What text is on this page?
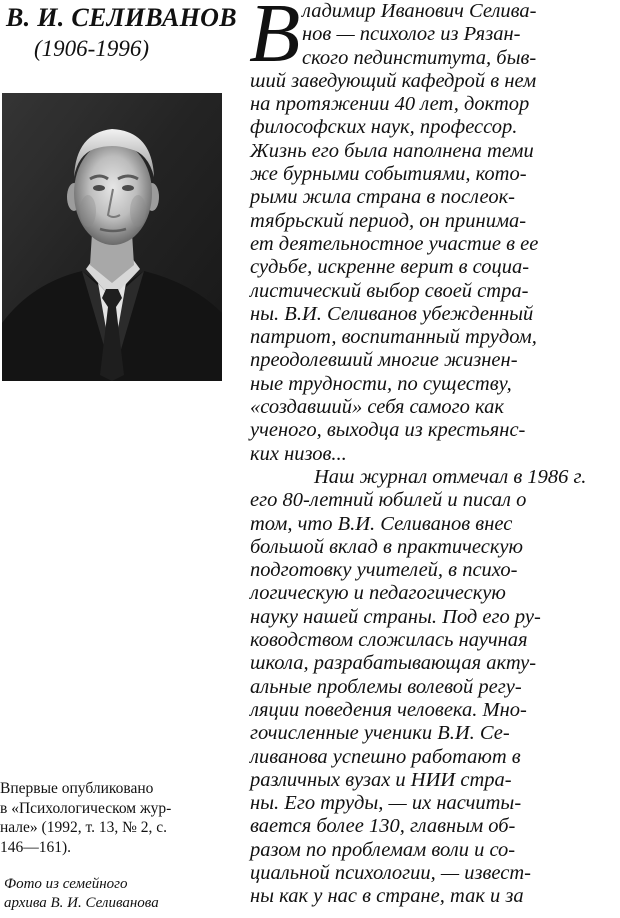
В. И. СЕЛИВАНОВ
(1906-1996)
Впервые опубликовано
в «Психологическом жур-
нале» (1992, т. 13, № 2, с.
146—161).
Фото из семейного
архива В. И. Селиванова
В ладимир Иванович Селива-
нов — психолог из Рязан-
ского пединститута, быв-
ший заведующий кафедрой в нем
на протяжении 40 лет, доктор
философских наук, профессор.
Жизнь его была наполнена теми
же бурными событиями, кото-
рыми жила страна в послеок-
тябрьский период, он принима-
ет деятельностное участие в ее
судьбе, искренне верит в социа-
листический выбор своей стра-
ны. В.И. Селиванов убежденный
патриот, воспитанный трудом,
преодолевший многие жизнен-
ные трудности, по существу,
«создавший» себя самого как
ученого, выходца из крестьянс-
ких низов...
Наш журнал отмечал в 1986 г.
его 80-летний юбилей и писал о
том, что В.И. Селиванов внес
большой вклад в практическую
подготовку учителей, в психо-
логическую и педагогическую
науку нашей страны. Под его ру-
ководством сложилась научная
школа, разрабатывающая акту-
альные проблемы волевой регу-
ляции поведения человека. Мно-
гочисленные ученики В.И. Се-
ливанова успешно работают в
различных вузах и НИИ стра-
ны. Его труды, — их насчиты-
вается более 130, главным об-
разом по проблемам воли и со-
циальной психологии, — извест-
ны как у нас в стране, так и за
